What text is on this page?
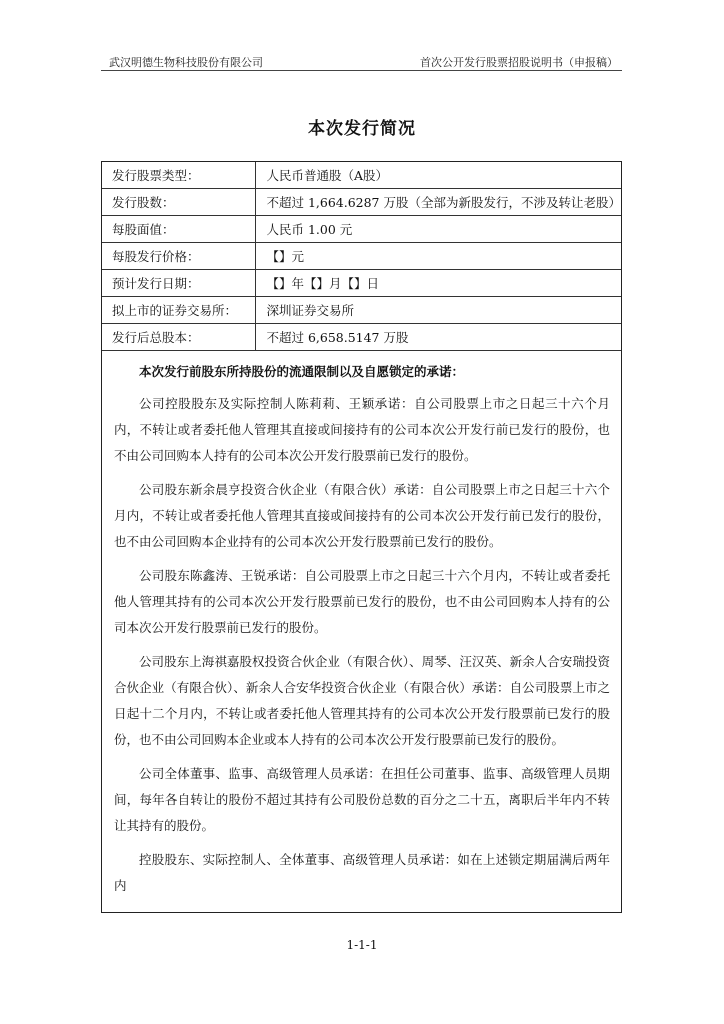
武汉明德生物科技股份有限公司	首次公开发行股票招股说明书（申报稿）
本次发行简况
发行股票类型：	人民币普通股（A股）
发行股数：	不超过 1,664.6287 万股（全部为新股发行，不涉及转让老股）
每股面值：	人民币 1.00 元
每股发行价格：	【】元
预计发行日期：	【】年【】月【】日
拟上市的证券交易所：	深圳证券交易所
发行后总股本：	不超过 6,658.5147 万股

本次发行前股东所持股份的流通限制以及自愿锁定的承诺：

公司控股股东及实际控制人陈莉莉、王颖承诺：自公司股票上市之日起三十六个月内，不转让或者委托他人管理其直接或间接持有的公司本次公开发行前已发行的股份，也不由公司回购本人持有的公司本次公开发行股票前已发行的股份。

公司股东新余晨亨投资合伙企业（有限合伙）承诺：自公司股票上市之日起三十六个月内，不转让或者委托他人管理其直接或间接持有的公司本次公开发行前已发行的股份，也不由公司回购本企业持有的公司本次公开发行股票前已发行的股份。

公司股东陈鑫涛、王锐承诺：自公司股票上市之日起三十六个月内，不转让或者委托他人管理其持有的公司本次公开发行股票前已发行的股份，也不由公司回购本人持有的公司本次公开发行股票前已发行的股份。

公司股东上海祺嘉股权投资合伙企业（有限合伙）、周琴、汪汉英、新余人合安瑞投资合伙企业（有限合伙）、新余人合安华投资合伙企业（有限合伙）承诺：自公司股票上市之日起十二个月内，不转让或者委托他人管理其持有的公司本次公开发行股票前已发行的股份，也不由公司回购本企业或本人持有的公司本次公开发行股票前已发行的股份。

公司全体董事、监事、高级管理人员承诺：在担任公司董事、监事、高级管理人员期间，每年各自转让的股份不超过其持有公司股份总数的百分之二十五，离职后半年内不转让其持有的股份。

控股股东、实际控制人、全体董事、高级管理人员承诺：如在上述锁定期届满后两年内

1-1-1
